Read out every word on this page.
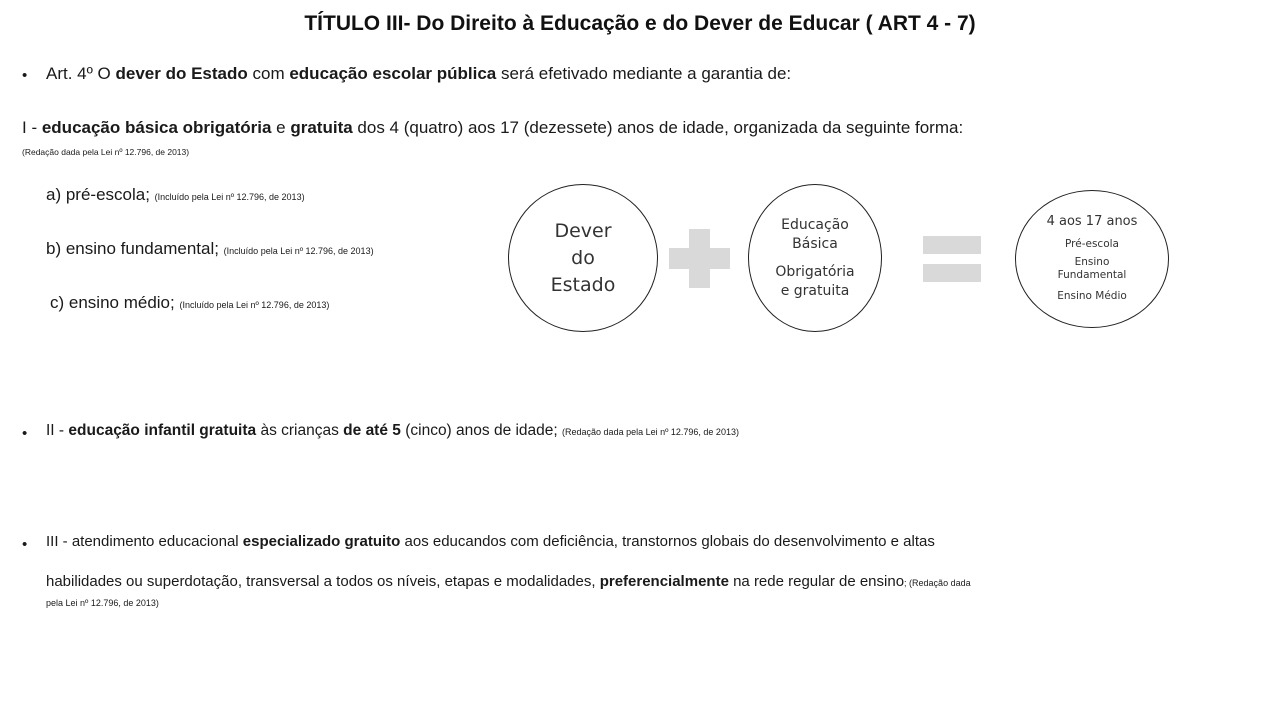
TÍTULO III- Do Direito à Educação e do Dever de Educar ( ART 4 - 7)
• Art. 4º O dever do Estado com educação escolar pública será efetivado mediante a garantia de:
I - educação básica obrigatória e gratuita dos 4 (quatro) aos 17 (dezessete) anos de idade, organizada da seguinte forma:
(Redação dada pela Lei nº 12.796, de 2013)
a) pré-escola; (Incluído pela Lei nº 12.796, de 2013)
b) ensino fundamental; (Incluído pela Lei nº 12.796, de 2013)
c) ensino médio; (Incluído pela Lei nº 12.796, de 2013)
• II - educação infantil gratuita às crianças de até 5 (cinco) anos de idade; (Redação dada pela Lei nº 12.796, de 2013)
• III - atendimento educacional especializado gratuito aos educandos com deficiência, transtornos globais do desenvolvimento e altas
habilidades ou superdotação, transversal a todos os níveis, etapas e modalidades, preferencialmente na rede regular de ensino; (Redação dada
pela Lei nº 12.796, de 2013)
Dever
do
Estado
Educação
Básica
Obrigatória
e gratuita
4 aos 17 anos
Pré-escola
Ensino
Fundamental
Ensino Médio
